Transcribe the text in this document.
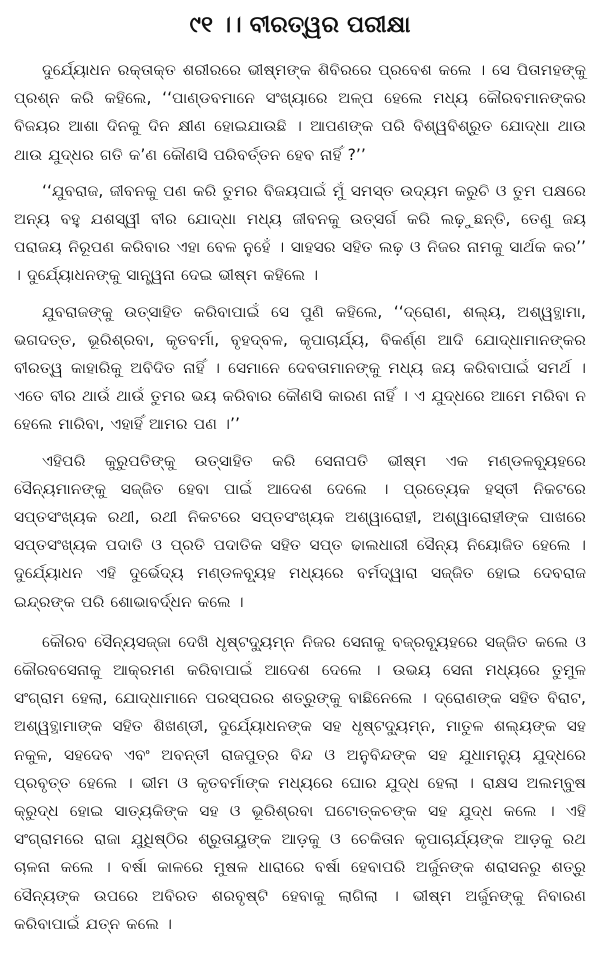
୯୧ ।। ବୀରତ୍ୱର ପରୀକ୍ଷା

ଦୁର୍ଯ୍ୟୋଧନ ରକ୍ତାକ୍ତ ଶରୀରରେ ଭୀଷ୍ମଙ୍କ ଶିବିରରେ ପ୍ରବେଶ କଲେ । ସେ ପିତାମହଙ୍କୁ ପ୍ରଶ୍ନ କରି କହିଲେ, ‘‘ପାଣ୍ଡବମାନେ ସଂଖ୍ୟାରେ ଅଳ୍ପ ହେଲେ ମଧ୍ୟ କୌରବମାନଙ୍କର ବିଜୟର ଆଶା ଦିନକୁ ଦିନ କ୍ଷୀଣ ହୋଇଯାଉଛି । ଆପଣଙ୍କ ପରି ବିଶ୍ୱବିଶ୍ରୁତ ଯୋଦ୍ଧା ଥାଉ ଥାଉ ଯୁଦ୍ଧର ଗତି କ’ଣ କୌଣସି ପରିବର୍ତ୍ତନ ହେବ ନାହିଁ ?’’

‘‘ଯୁବରାଜ, ଜୀବନକୁ ପଣ କରି ତୁମର ବିଜୟପାଇଁ ମୁଁ ସମସ୍ତ ଉଦ୍ୟମ କରୁଚି ଓ ତୁମ ପକ୍ଷରେ ଅନ୍ୟ ବହୁ ଯଶସ୍ୱୀ ବୀର ଯୋଦ୍ଧା ମଧ୍ୟ ଜୀବନକୁ ଉତ୍ସର୍ଗ କରି ଲଢ଼ୁଛନ୍ତି, ତେଣୁ ଜୟ ପରାଜୟ ନିରୂପଣ କରିବାର ଏହା ବେଳ ନୁହେଁ । ସାହସର ସହିତ ଲଢ଼ ଓ ନିଜର ନାମକୁ ସାର୍ଥକ କର’’ । ଦୁର୍ଯ୍ୟୋଧନଙ୍କୁ ସାନ୍ତ୍ୱନା ଦେଇ ଭୀଷ୍ମ କହିଲେ ।

ଯୁବରାଜଙ୍କୁ ଉତ୍ସାହିତ କରିବାପାଇଁ ସେ ପୁଣି କହିଲେ, ‘‘ଦ୍ରୋଣ, ଶଲ୍ୟ, ଅଶ୍ୱତ୍ଥାମା, ଭଗଦତ୍ତ, ଭୂରିଶ୍ରବା, କୃତବର୍ମା, ବୃହଦ୍‌ବଳ, କୃପାଚାର୍ଯ୍ୟ, ବିକର୍ଣ୍ଣ ଆଦି ଯୋଦ୍ଧାମାନଙ୍କର ବୀରତ୍ୱ କାହାରିକୁ ଅବିଦିତ ନାହିଁ । ସେମାନେ ଦେବତାମାନଙ୍କୁ ମଧ୍ୟ ଜୟ କରିବାପାଇଁ ସମର୍ଥ । ଏତେ ବୀର ଥାଉଁ ଥାଉଁ ତୁମର ଭୟ କରିବାର କୌଣସି କାରଣ ନାହିଁ । ଏ ଯୁଦ୍ଧରେ ଆମେ ମରିବା ନ ହେଲେ ମାରିବା, ଏହାହିଁ ଆମର ପଣ ।’’

ଏହିପରି କୁରୁପତିଙ୍କୁ ଉତ୍ସାହିତ କରି ସେନାପତି ଭୀଷ୍ମ ଏକ ମଣ୍ଡଳବ୍ୟୂହରେ ସୈନ୍ୟମାନଙ୍କୁ ସଜ୍ଜିତ ହେବା ପାଇଁ ଆଦେଶ ଦେଲେ । ପ୍ରତ୍ୟେକ ହସ୍ତୀ ନିକଟରେ ସପ୍ତସଂଖ୍ୟକ ରଥୀ, ରଥୀ ନିକଟରେ ସପ୍ତସଂଖ୍ୟକ ଅଶ୍ୱାରୋହୀ, ଅଶ୍ୱାରୋହୀଙ୍କ ପାଖରେ ସପ୍ତସଂଖ୍ୟକ ପଦାତି ଓ ପ୍ରତି ପଦାତିକ ସହିତ ସପ୍ତ ଢାଲଧାରୀ ସୈନ୍ୟ ନିୟୋଜିତ ହେଲେ । ଦୁର୍ଯ୍ୟୋଧନ ଏହି ଦୁର୍ଭେଦ୍ୟ ମଣ୍ଡଳବ୍ୟୂହ ମଧ୍ୟରେ ବର୍ମଦ୍ୱାରା ସଜ୍ଜିତ ହୋଇ ଦେବରାଜ ଇନ୍ଦ୍ରଙ୍କ ପରି ଶୋଭାବର୍ଦ୍ଧନ କଲେ ।

କୌରବ ସୈନ୍ୟସଜ୍ଜା ଦେଖି ଧୃଷ୍ଟଦ୍ୟୁମ୍ନ ନିଜର ସେନାକୁ ବଜ୍ରବ୍ୟୂହରେ ସଜ୍ଜିତ କଲେ ଓ କୌରବସେନାକୁ ଆକ୍ରମଣ କରିବାପାଇଁ ଆଦେଶ ଦେଲେ । ଉଭୟ ସେନା ମଧ୍ୟରେ ତୁମୁଳ ସଂଗ୍ରାମ ହେଲା, ଯୋଦ୍ଧାମାନେ ପରସ୍ପରର ଶତ୍ରୁଙ୍କୁ ବାଛିନେଲେ । ଦ୍ରୋଣଙ୍କ ସହିତ ବିରାଟ, ଅଶ୍ୱତ୍ଥାମାଙ୍କ ସହିତ ଶିଖଣ୍ଡୀ, ଦୁର୍ଯ୍ୟୋଧନଙ୍କ ସହ ଧୃଷ୍ଟଦ୍ୟୁମ୍ନ, ମାତୁଳ ଶଲ୍ୟଙ୍କ ସହ ନକୁଳ, ସହଦେବ ଏବଂ ଅବନ୍ତୀ ରାଜପୁତ୍ର ବିନ୍ଦ ଓ ଅନୁବିନ୍ଦଙ୍କ ସହ ଯୁଧାମନ୍ୟୁ ଯୁଦ୍ଧରେ ପ୍ରବୃତ୍ତ ହେଲେ । ଭୀମ ଓ କୃତବର୍ମାଙ୍କ ମଧ୍ୟରେ ଘୋର ଯୁଦ୍ଧ ହେଲା । ରାକ୍ଷସ ଅଲମ୍ବୁଷ କ୍ରୁଦ୍ଧ ହୋଇ ସାତ୍ୟକିଙ୍କ ସହ ଓ ଭୂରିଶ୍ରବା ଘଟୋତ୍କଚଙ୍କ ସହ ଯୁଦ୍ଧ କଲେ । ଏହି ସଂଗ୍ରାମରେ ରାଜା ଯୁଧିଷ୍ଠିର ଶ୍ରୁତାୟୁଙ୍କ ଆଡ଼କୁ ଓ ଚେକିତାନ କୃପାଚାର୍ଯ୍ୟଙ୍କ ଆଡ଼କୁ ରଥ ଚାଳନା କଲେ । ବର୍ଷା କାଳରେ ମୁଷଳ ଧାରାରେ ବର୍ଷା ହେବାପରି ଅର୍ଜୁନଙ୍କ ଶରାସନରୁ ଶତ୍ରୁ ସୈନ୍ୟଙ୍କ ଉପରେ ଅବିରତ ଶରବୃଷ୍ଟି ହେବାକୁ ଲାଗିଲା । ଭୀଷ୍ମ ଅର୍ଜୁନଙ୍କୁ ନିବାରଣ କରିବାପାଇଁ ଯତ୍ନ କଲେ ।
